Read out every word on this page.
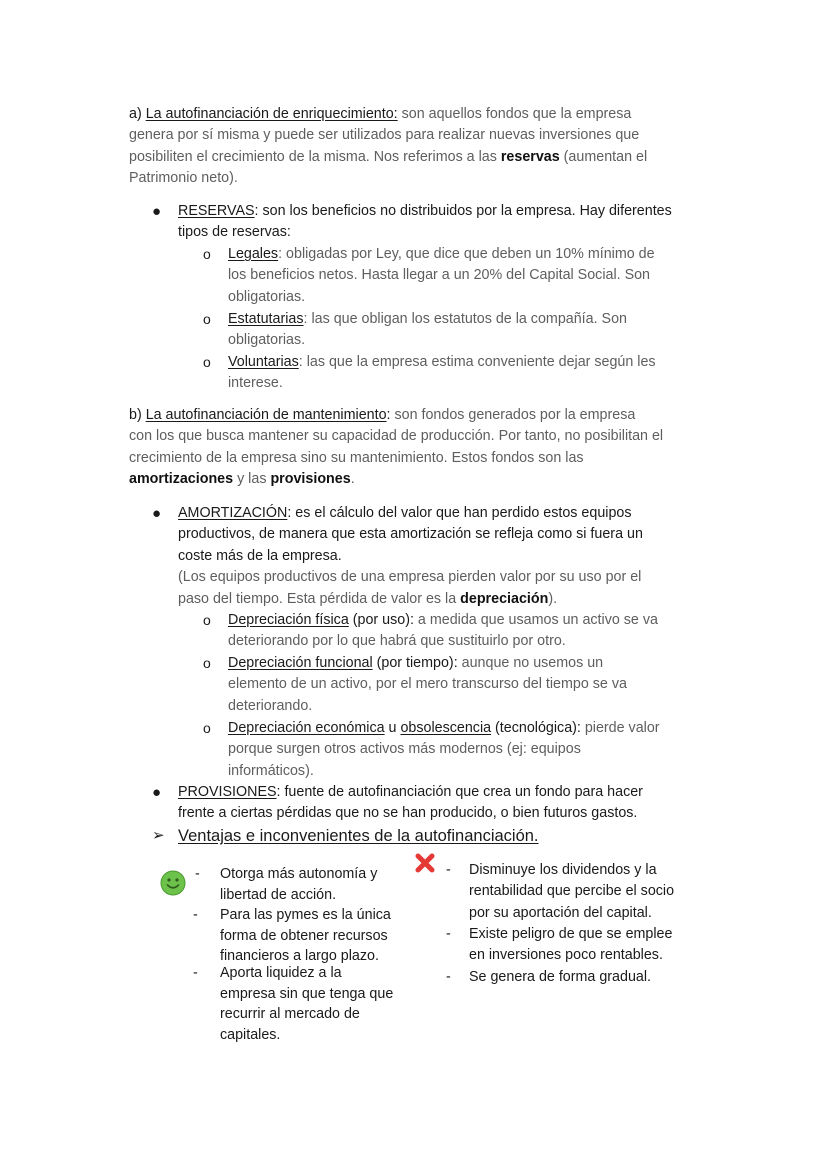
a) La autofinanciación de enriquecimiento: son aquellos fondos que la empresa
genera por sí misma y puede ser utilizados para realizar nuevas inversiones que
posibiliten el crecimiento de la misma. Nos referimos a las reservas (aumentan el
Patrimonio neto).

● RESERVAS: son los beneficios no distribuidos por la empresa. Hay diferentes
tipos de reservas:

o Legales: obligadas por Ley, que dice que deben un 10% mínimo de
los beneficios netos. Hasta llegar a un 20% del Capital Social. Son
obligatorias.

o Estatutarias: las que obligan los estatutos de la compañía. Son
obligatorias.

o Voluntarias: las que la empresa estima conveniente dejar según les
interese.

b) La autofinanciación de mantenimiento: son fondos generados por la empresa
con los que busca mantener su capacidad de producción. Por tanto, no posibilitan el
crecimiento de la empresa sino su mantenimiento. Estos fondos son las
amortizaciones y las provisiones.

● AMORTIZACIÓN: es el cálculo del valor que han perdido estos equipos
productivos, de manera que esta amortización se refleja como si fuera un
coste más de la empresa.
(Los equipos productivos de una empresa pierden valor por su uso por el
paso del tiempo. Esta pérdida de valor es la depreciación).

o Depreciación física (por uso): a medida que usamos un activo se va
deteriorando por lo que habrá que sustituirlo por otro.

o Depreciación funcional (por tiempo): aunque no usemos un
elemento de un activo, por el mero transcurso del tiempo se va
deteriorando.

o Depreciación económica u obsolescencia (tecnológica): pierde valor
porque surgen otros activos más modernos (ej: equipos
informáticos).

● PROVISIONES: fuente de autofinanciación que crea un fondo para hacer
frente a ciertas pérdidas que no se han producido, o bien futuros gastos.

➢ Ventajas e inconvenientes de la autofinanciación.

- Otorga más autonomía y
libertad de acción.
- Para las pymes es la única
forma de obtener recursos
financieros a largo plazo.
- Aporta liquidez a la
empresa sin que tenga que
recurrir al mercado de
capitales.
- Disminuye los dividendos y la
rentabilidad que percibe el socio
por su aportación del capital.
- Existe peligro de que se emplee
en inversiones poco rentables.
- Se genera de forma gradual.
